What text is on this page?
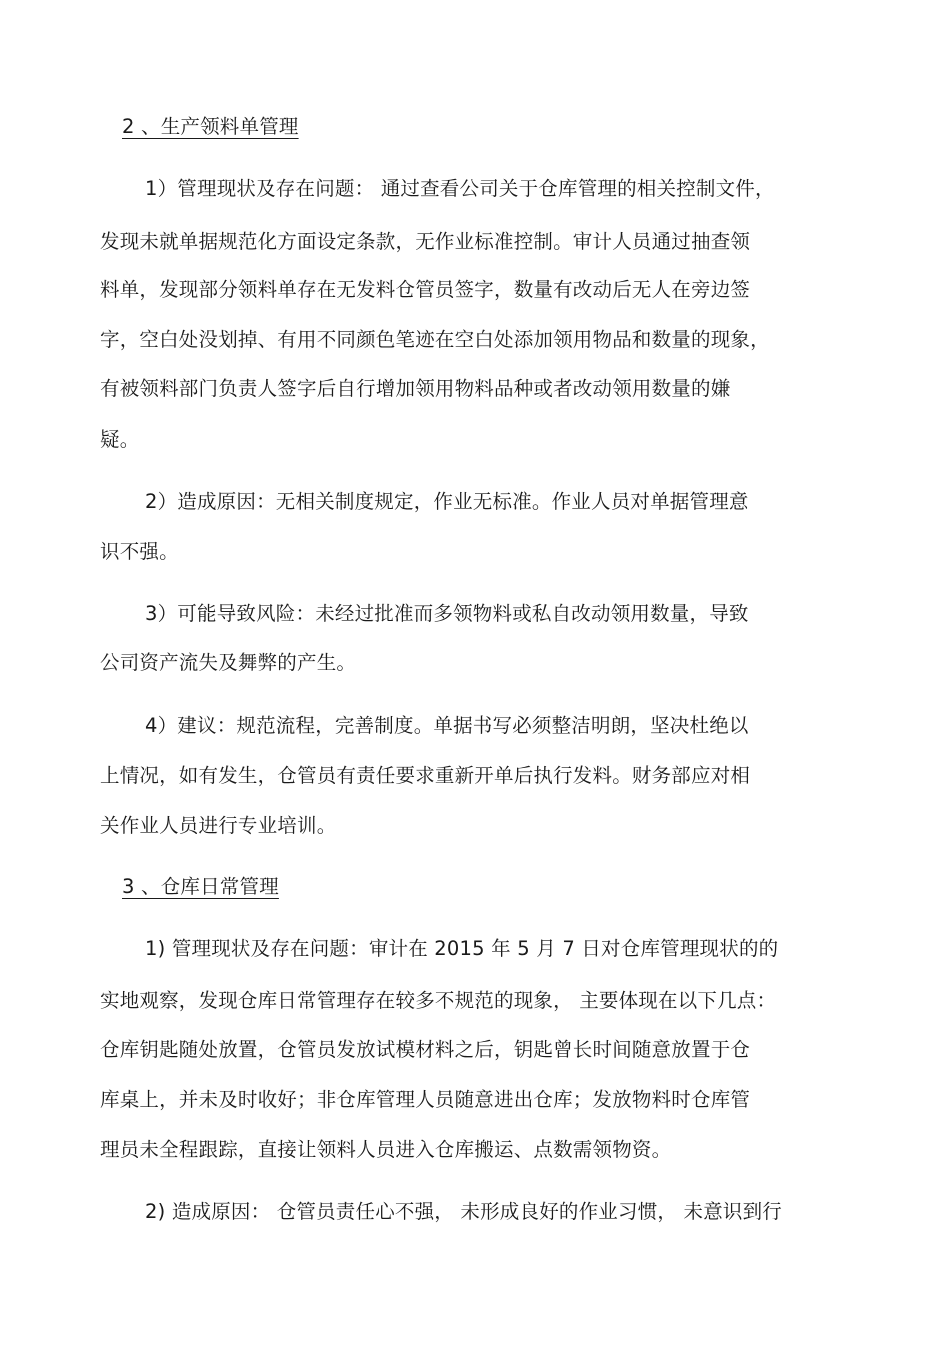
2 、生产领料单管理
1）管理现状及存在问题： 通过查看公司关于仓库管理的相关控制文件，
发现未就单据规范化方面设定条款，无作业标准控制。审计人员通过抽查领
料单，发现部分领料单存在无发料仓管员签字，数量有改动后无人在旁边签
字，空白处没划掉、有用不同颜色笔迹在空白处添加领用物品和数量的现象，
有被领料部门负责人签字后自行增加领用物料品种或者改动领用数量的嫌
疑。
2）造成原因：无相关制度规定，作业无标准。作业人员对单据管理意
识不强。
3）可能导致风险：未经过批准而多领物料或私自改动领用数量，导致
公司资产流失及舞弊的产生。
4）建议：规范流程，完善制度。单据书写必须整洁明朗，坚决杜绝以
上情况，如有发生，仓管员有责任要求重新开单后执行发料。财务部应对相
关作业人员进行专业培训。
3 、仓库日常管理
1) 管理现状及存在问题：审计在 2015 年 5 月 7 日对仓库管理现状的的
实地观察，发现仓库日常管理存在较多不规范的现象， 主要体现在以下几点：
仓库钥匙随处放置，仓管员发放试模材料之后，钥匙曾长时间随意放置于仓
库桌上，并未及时收好；非仓库管理人员随意进出仓库；发放物料时仓库管
理员未全程跟踪，直接让领料人员进入仓库搬运、点数需领物资。
2) 造成原因： 仓管员责任心不强， 未形成良好的作业习惯， 未意识到行
